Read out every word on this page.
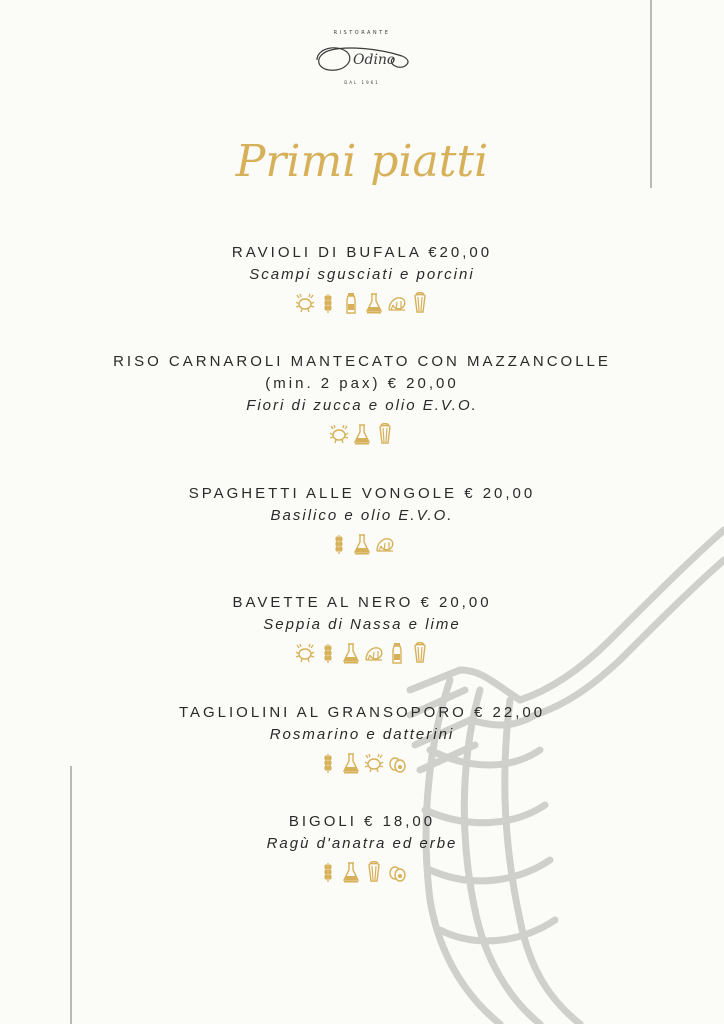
RISTORANTE
Odino
DAL 1961
Primi piatti
RAVIOLI DI BUFALA €20,00
Scampi sgusciati e porcini
RISO CARNAROLI MANTECATO CON MAZZANCOLLE
(min. 2 pax) € 20,00
Fiori di zucca e olio E.V.O.
SPAGHETTI ALLE VONGOLE € 20,00
Basilico e olio E.V.O.
BAVETTE AL NERO € 20,00
Seppia di Nassa e lime
TAGLIOLINI AL GRANSOPORO € 22,00
Rosmarino e datterini
BIGOLI € 18,00
Ragù d'anatra ed erbe
